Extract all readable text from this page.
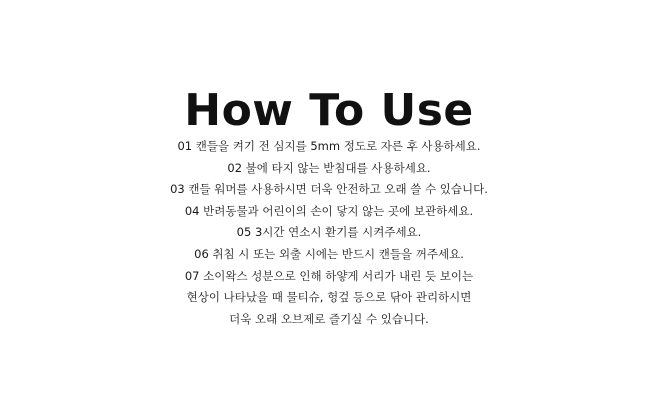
How To Use
01 캔들을 켜기 전 심지를 5mm 정도로 자른 후 사용하세요.
02 불에 타지 않는 받침대를 사용하세요.
03 캔들 워머를 사용하시면 더욱 안전하고 오래 쓸 수 있습니다.
04 반려동물과 어린이의 손이 닿지 않는 곳에 보관하세요.
05 3시간 연소시 환기를 시켜주세요.
06 취침 시 또는 외출 시에는 반드시 캔들을 꺼주세요.
07 소이왁스 성분으로 인해 하얗게 서리가 내린 듯 보이는
현상이 나타났을 때 물티슈, 헝겊 등으로 닦아 관리하시면
더욱 오래 오브제로 즐기실 수 있습니다.
